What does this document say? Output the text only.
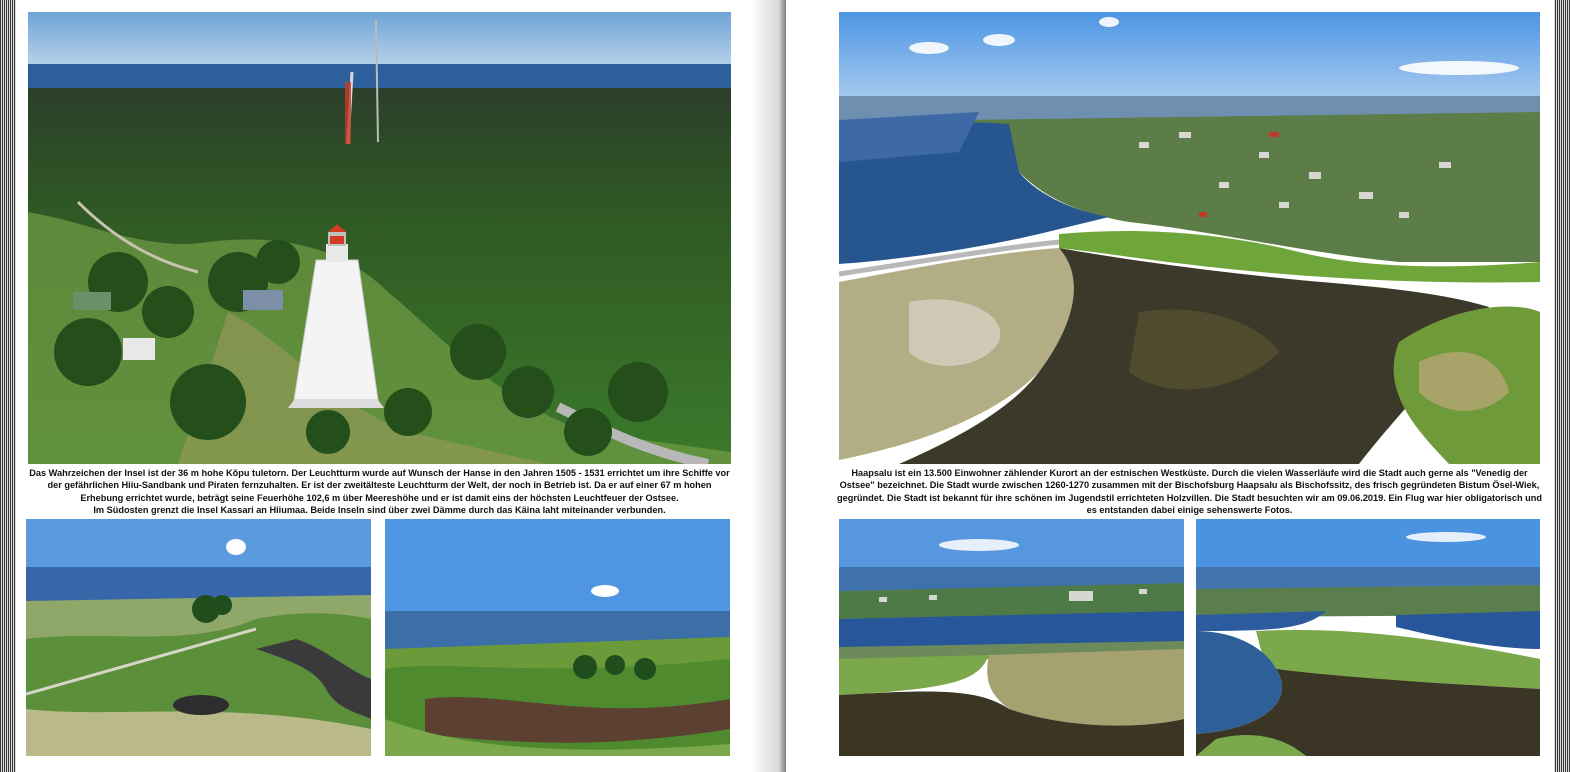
Das Wahrzeichen der Insel ist der 36 m hohe Kõpu tuletorn. Der Leuchtturm wurde auf Wunsch der Hanse in den Jahren 1505 - 1531 errichtet um ihre Schiffe vor

der gefährlichen Hiiu-Sandbank und Piraten fernzuhalten. Er ist der zweitälteste Leuchtturm der Welt, der noch in Betrieb ist. Da er auf einer 67 m hohen

Erhebung errichtet wurde, beträgt seine Feuerhöhe 102,6 m über Meereshöhe und er ist damit eins der höchsten Leuchtfeuer der Ostsee.

Im Südosten grenzt die Insel Kassari an Hiiumaa. Beide Inseln sind über zwei Dämme durch das Käina laht miteinander verbunden.

Haapsalu ist ein 13.500 Einwohner zählender Kurort an der estnischen Westküste. Durch die vielen Wasserläufe wird die Stadt auch gerne als "Venedig der

Ostsee" bezeichnet. Die Stadt wurde zwischen 1260-1270 zusammen mit der Bischofsburg Haapsalu als Bischofssitz, des frisch gegründeten Bistum Ösel-Wiek,

gegründet. Die Stadt ist bekannt für ihre schönen im Jugendstil errichteten Holzvillen. Die Stadt besuchten wir am 09.06.2019. Ein Flug war hier obligatorisch und

es entstanden dabei einige sehenswerte Fotos.
